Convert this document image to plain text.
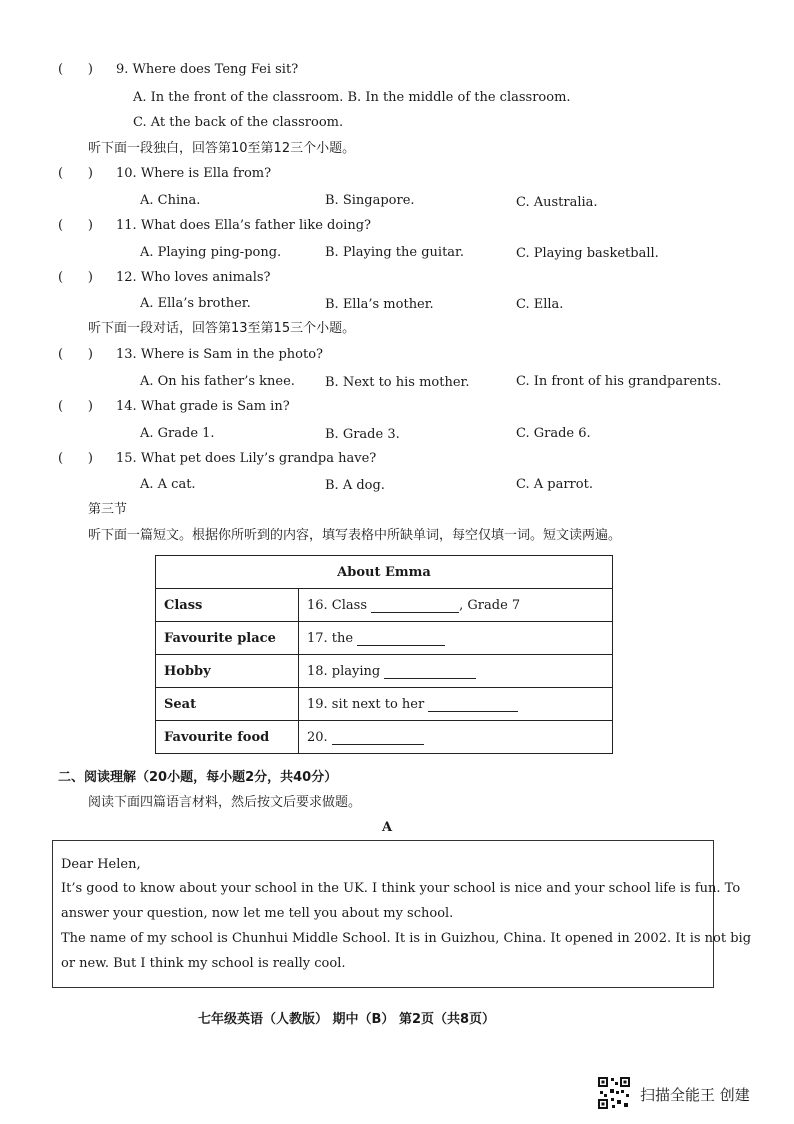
( ) 9. Where does Teng Fei sit?
A. In the front of the classroom. B. In the middle of the classroom.
C. At the back of the classroom.
听下面一段独白，回答第10至第12三个小题。
( ) 10. Where is Ella from?
A. China.	B. Singapore.	C. Australia.
( ) 11. What does Ella’s father like doing?
A. Playing ping-pong.	B. Playing the guitar.	C. Playing basketball.
( ) 12. Who loves animals?
A. Ella’s brother.	B. Ella’s mother.	C. Ella.
听下面一段对话，回答第13至第15三个小题。
( ) 13. Where is Sam in the photo?
A. On his father’s knee. B. Next to his mother.	C. In front of his grandparents.
( ) 14. What grade is Sam in?
A. Grade 1.	B. Grade 3.	C. Grade 6.
( ) 15. What pet does Lily’s grandpa have?
A. A cat.	B. A dog.	C. A parrot.
第三节
听下面一篇短文。根据你所听到的内容，填写表格中所缺单词，每空仅填一词。短文读两遍。
About Emma	
Class	16. Class , Grade 7
Favourite place	17. the
Hobby	18. playing
Seat	19. sit next to her
Favourite food	20.
二、阅读理解（20小题，每小题2分，共40分）
阅读下面四篇语言材料，然后按文后要求做题。
A
Dear Helen,
It’s good to know about your school in the UK. I think your school is nice and your school life is fun. To
answer your question, now let me tell you about my school.
The name of my school is Chunhui Middle School. It is in Guizhou, China. It opened in 2002. It is not big
or new. But I think my school is really cool.
七年级英语（人教版） 期中（B） 第2页（共8页）
扫描全能王 创建
